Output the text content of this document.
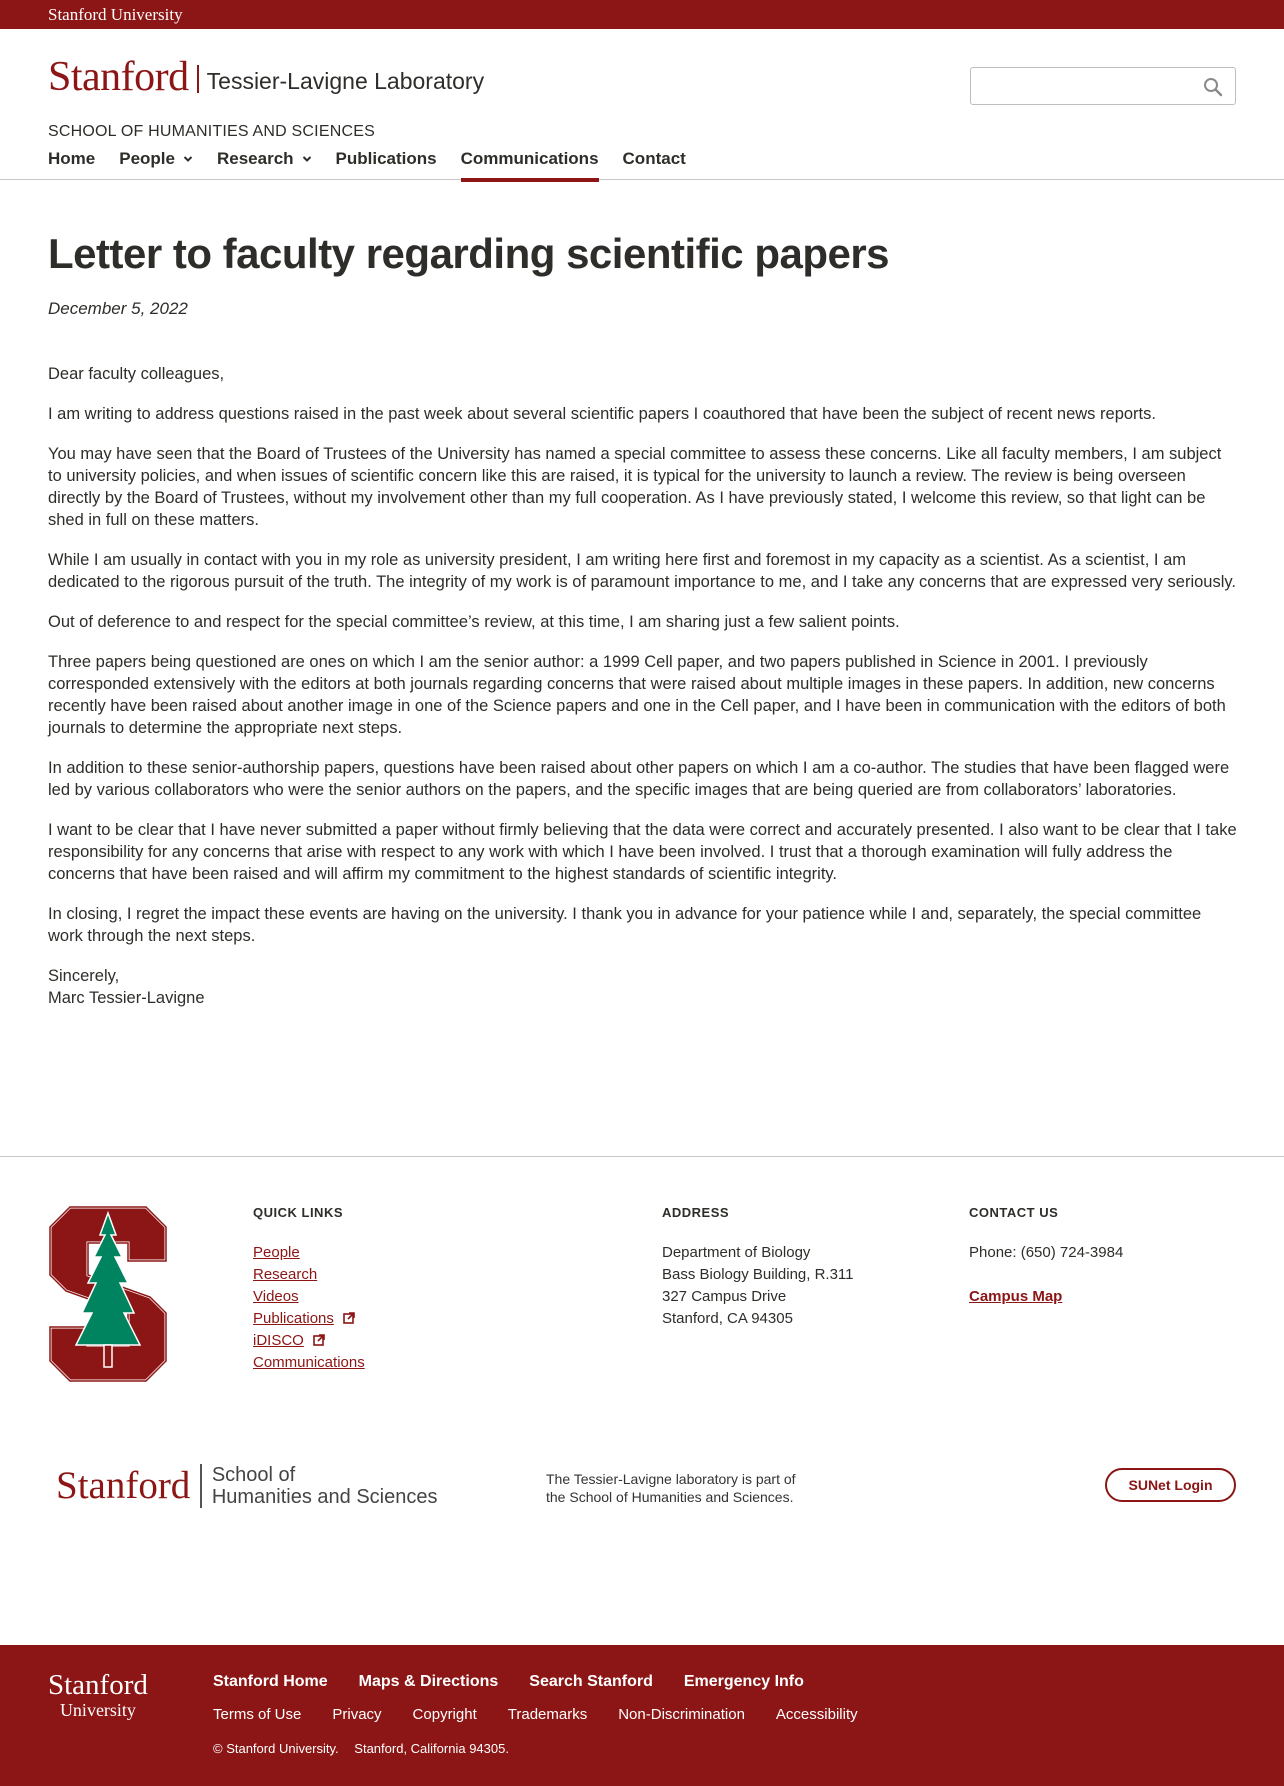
Stanford University
Stanford Tessier-Lavigne Laboratory
SCHOOL OF HUMANITIES AND SCIENCES
Home People Research Publications Communications Contact
Letter to faculty regarding scientific papers
December 5, 2022

Dear faculty colleagues,

I am writing to address questions raised in the past week about several scientific papers I coauthored that have been the subject of recent news reports.

You may have seen that the Board of Trustees of the University has named a special committee to assess these concerns. Like all faculty members, I am subject to university policies, and when issues of scientific concern like this are raised, it is typical for the university to launch a review. The review is being overseen directly by the Board of Trustees, without my involvement other than my full cooperation. As I have previously stated, I welcome this review, so that light can be shed in full on these matters.

While I am usually in contact with you in my role as university president, I am writing here first and foremost in my capacity as a scientist. As a scientist, I am dedicated to the rigorous pursuit of the truth. The integrity of my work is of paramount importance to me, and I take any concerns that are expressed very seriously.

Out of deference to and respect for the special committee’s review, at this time, I am sharing just a few salient points.

Three papers being questioned are ones on which I am the senior author: a 1999 Cell paper, and two papers published in Science in 2001. I previously corresponded extensively with the editors at both journals regarding concerns that were raised about multiple images in these papers. In addition, new concerns recently have been raised about another image in one of the Science papers and one in the Cell paper, and I have been in communication with the editors of both journals to determine the appropriate next steps.

In addition to these senior-authorship papers, questions have been raised about other papers on which I am a co-author. The studies that have been flagged were led by various collaborators who were the senior authors on the papers, and the specific images that are being queried are from collaborators’ laboratories.

I want to be clear that I have never submitted a paper without firmly believing that the data were correct and accurately presented. I also want to be clear that I take responsibility for any concerns that arise with respect to any work with which I have been involved. I trust that a thorough examination will fully address the concerns that have been raised and will affirm my commitment to the highest standards of scientific integrity.

In closing, I regret the impact these events are having on the university. I thank you in advance for your patience while I and, separately, the special committee work through the next steps.

Sincerely,
Marc Tessier-Lavigne
QUICK LINKS
People
Research
Videos
Publications
iDISCO
Communications
ADDRESS
Department of Biology
Bass Biology Building, R.311
327 Campus Drive
Stanford, CA 94305
CONTACT US
Phone: (650) 724-3984
Campus Map
Stanford School of
Humanities and Sciences
The Tessier-Lavigne laboratory is part of
the School of Humanities and Sciences.
SUNet Login
Stanford
University
Stanford Home Maps & Directions Search Stanford Emergency Info
Terms of Use Privacy Copyright Trademarks Non-Discrimination Accessibility
© Stanford University. Stanford, California 94305.
